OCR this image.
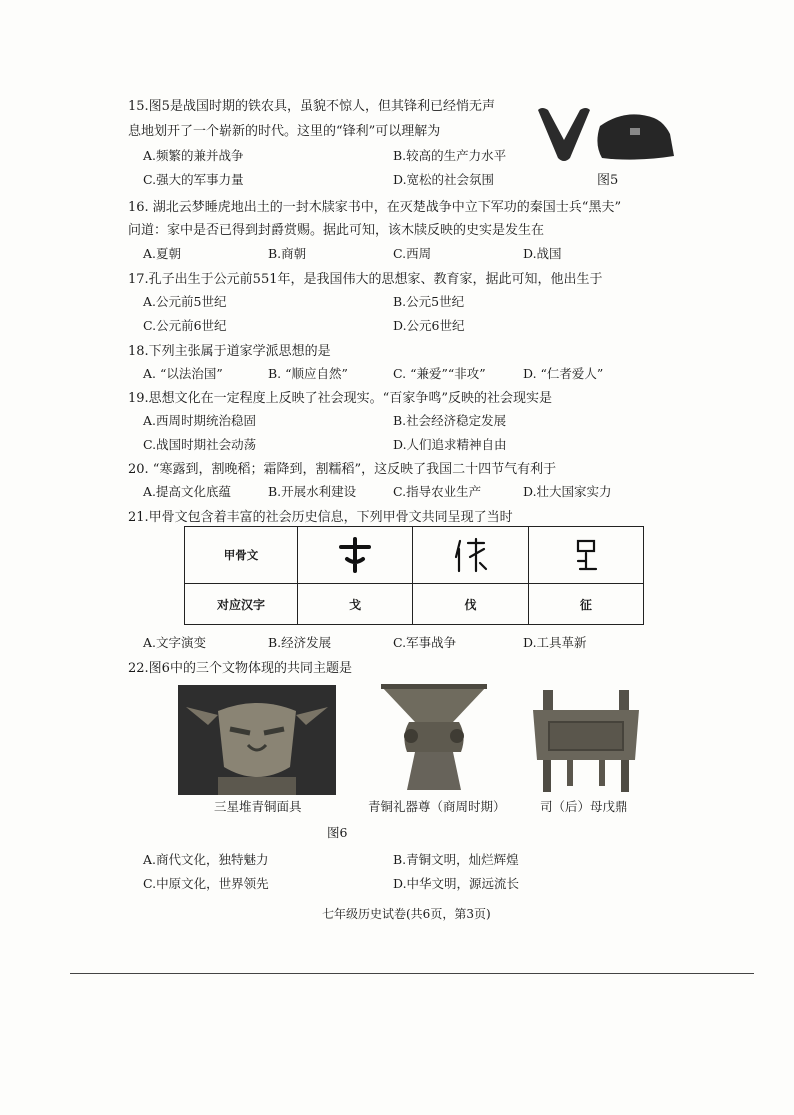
15.图5是战国时期的铁农具，虽貌不惊人，但其锋利已经悄无声
息地划开了一个崭新的时代。这里的“锋利”可以理解为
A.频繁的兼并战争	B.较高的生产力水平
C.强大的军事力量	D.宽松的社会氛围	图5
16. 湖北云梦睡虎地出土的一封木牍家书中，在灭楚战争中立下军功的秦国士兵“黑夫”
问道：家中是否已得到封爵赏赐。据此可知，该木牍反映的史实是发生在
A.夏朝	B.商朝	C.西周	D.战国
17.孔子出生于公元前551年，是我国伟大的思想家、教育家，据此可知，他出生于
A.公元前5世纪	B.公元5世纪
C.公元前6世纪	D.公元6世纪
18.下列主张属于道家学派思想的是
A. “以法治国”	B. “顺应自然”	C. “兼爱”“非攻”	D. “仁者爱人”
19.思想文化在一定程度上反映了社会现实。“百家争鸣”反映的社会现实是
A.西周时期统治稳固	B.社会经济稳定发展
C.战国时期社会动荡	D.人们追求精神自由
20. “寒露到，割晚稻；霜降到，割糯稻”，这反映了我国二十四节气有利于
A.提高文化底蕴	B.开展水利建设	C.指导农业生产	D.壮大国家实力
21.甲骨文包含着丰富的社会历史信息，下列甲骨文共同呈现了当时
甲骨文	

对应汉字	戈	伐	征
A.文字演变	B.经济发展	C.军事战争	D.工具革新
22.图6中的三个文物体现的共同主题是
三星堆青铜面具	青铜礼器尊（商周时期）	司（后）母戊鼎
图6
A.商代文化，独特魅力	B.青铜文明，灿烂辉煌
C.中原文化，世界领先	D.中华文明，源远流长
七年级历史试卷(共6页，第3页)
